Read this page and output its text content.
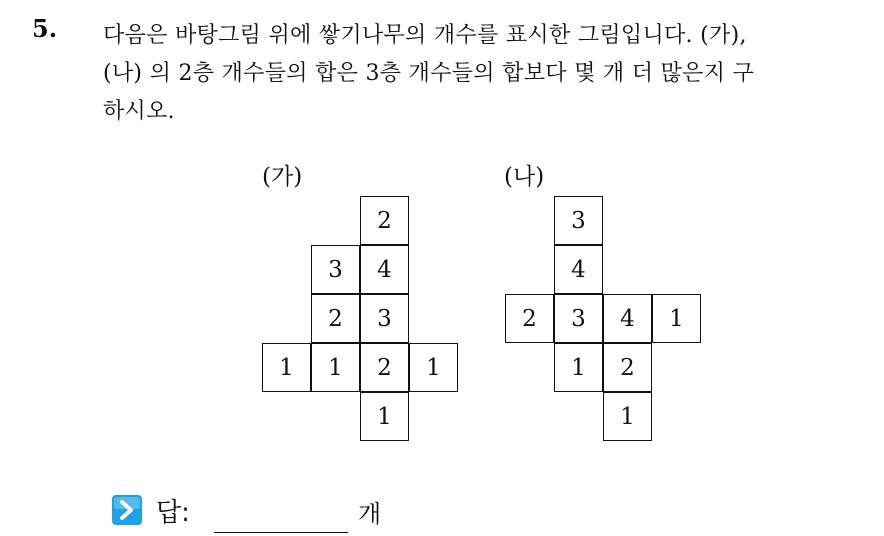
5. 다음은 바탕그림 위에 쌓기나무의 개수를 표시한 그림입니다. (가),
(나) 의 2층 개수들의 합은 3층 개수들의 합보다 몇 개 더 많은지 구
하시오.
(가)
2
3	4
2	3
1	1	2	1
1
(나)
3
4
2	3	4	1
1	2
1
답:	개
